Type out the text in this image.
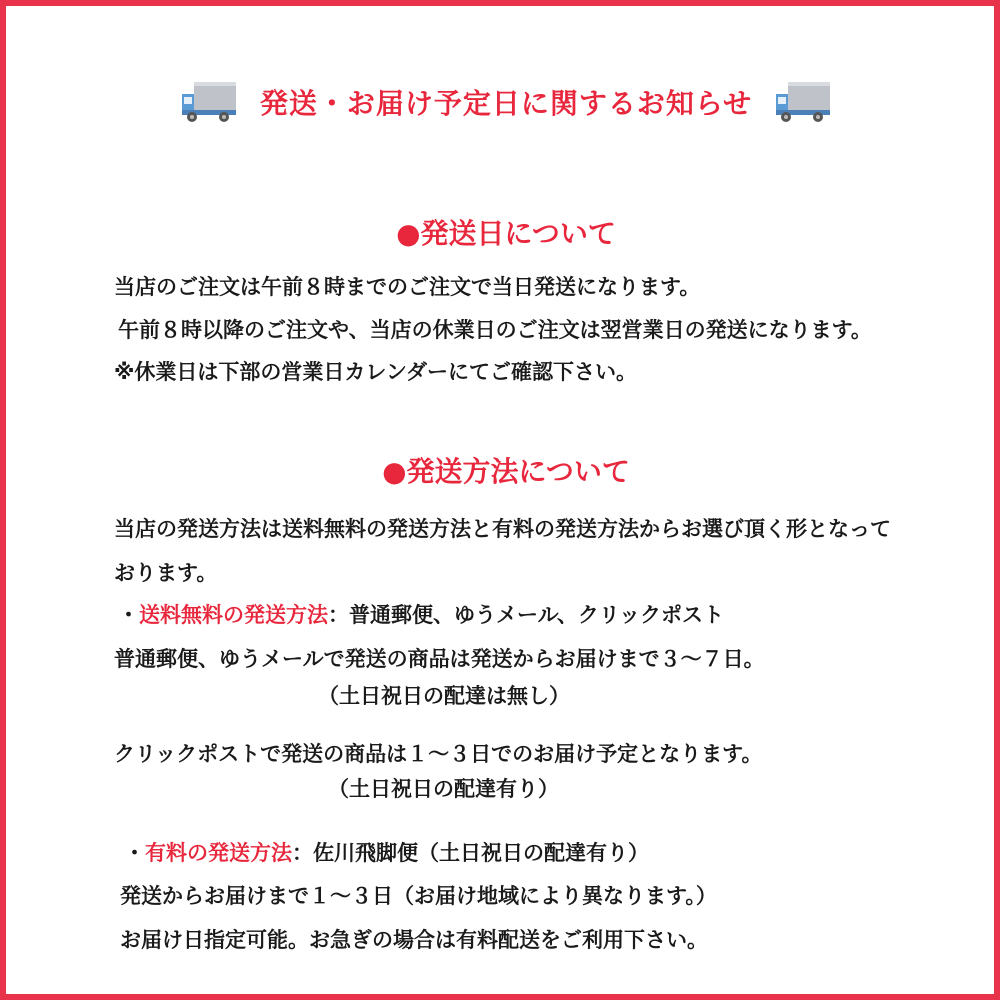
発送・お届け予定日に関するお知らせ
●発送日について
当店のご注文は午前８時までのご注文で当日発送になります。
午前８時以降のご注文や、当店の休業日のご注文は翌営業日の発送になります。
※休業日は下部の営業日カレンダーにてご確認下さい。
●発送方法について
当店の発送方法は送料無料の発送方法と有料の発送方法からお選び頂く形となって
おります。
・送料無料の発送方法：普通郵便、ゆうメール、クリックポスト
普通郵便、ゆうメールで発送の商品は発送からお届けまで３～７日。
（土日祝日の配達は無し）
クリックポストで発送の商品は１～３日でのお届け予定となります。
（土日祝日の配達有り）
・有料の発送方法：佐川飛脚便（土日祝日の配達有り）
発送からお届けまで１～３日（お届け地域により異なります。）
お届け日指定可能。お急ぎの場合は有料配送をご利用下さい。
